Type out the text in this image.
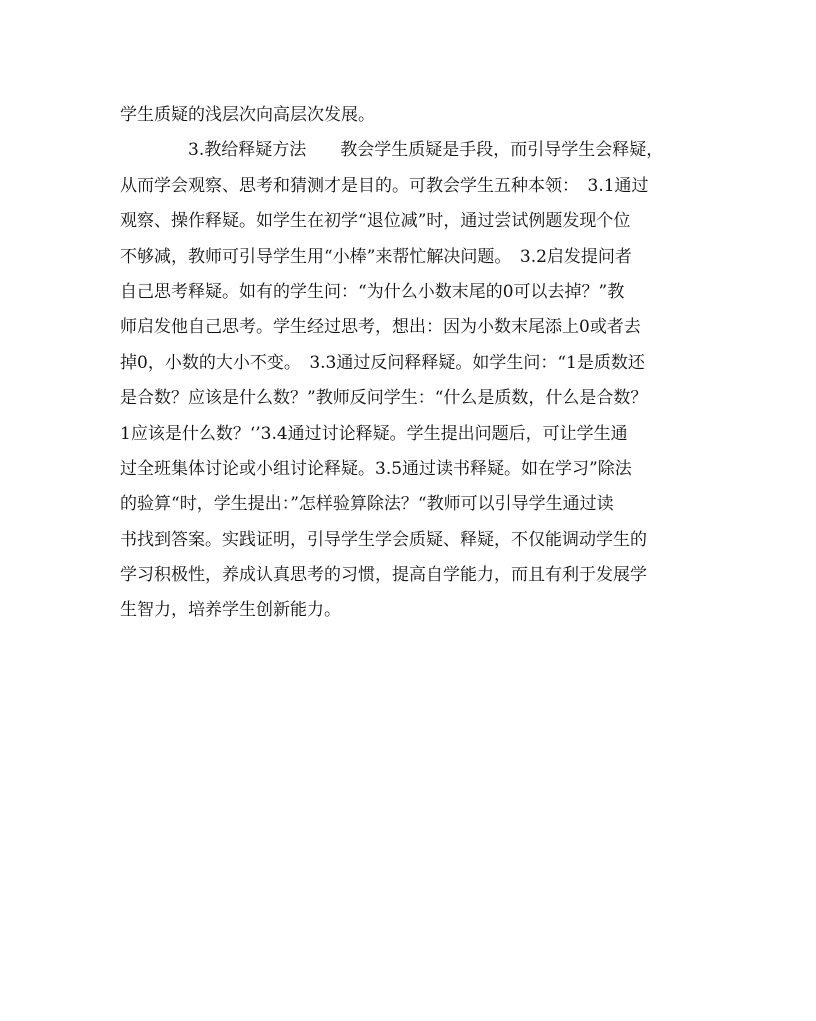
学生质疑的浅层次向高层次发展。
3.教给释疑方法　　教会学生质疑是手段，而引导学生会释疑，
从而学会观察、思考和猜测才是目的。可教会学生五种本领：　3.1通过
观察、操作释疑。如学生在初学“退位减”时，通过尝试例题发现个位
不够减，教师可引导学生用“小棒”来帮忙解决问题。　3.2启发提问者
自己思考释疑。如有的学生问：“为什么小数末尾的0可以去掉？”教
师启发他自己思考。学生经过思考，想出：因为小数末尾添上0或者去
掉0，小数的大小不变。　3.3通过反问释释疑。如学生问：“1是质数还
是合数？应该是什么数？”教师反问学生：“什么是质数，什么是合数？
1应该是什么数？‘’3.4通过讨论释疑。学生提出问题后，可让学生通
过全班集体讨论或小组讨论释疑。3.5通过读书释疑。如在学习”除法
的验算“时，学生提出：”怎样验算除法？“教师可以引导学生通过读
书找到答案。实践证明，引导学生学会质疑、释疑，不仅能调动学生的
学习积极性，养成认真思考的习惯，提高自学能力，而且有利于发展学
生智力，培养学生创新能力。
